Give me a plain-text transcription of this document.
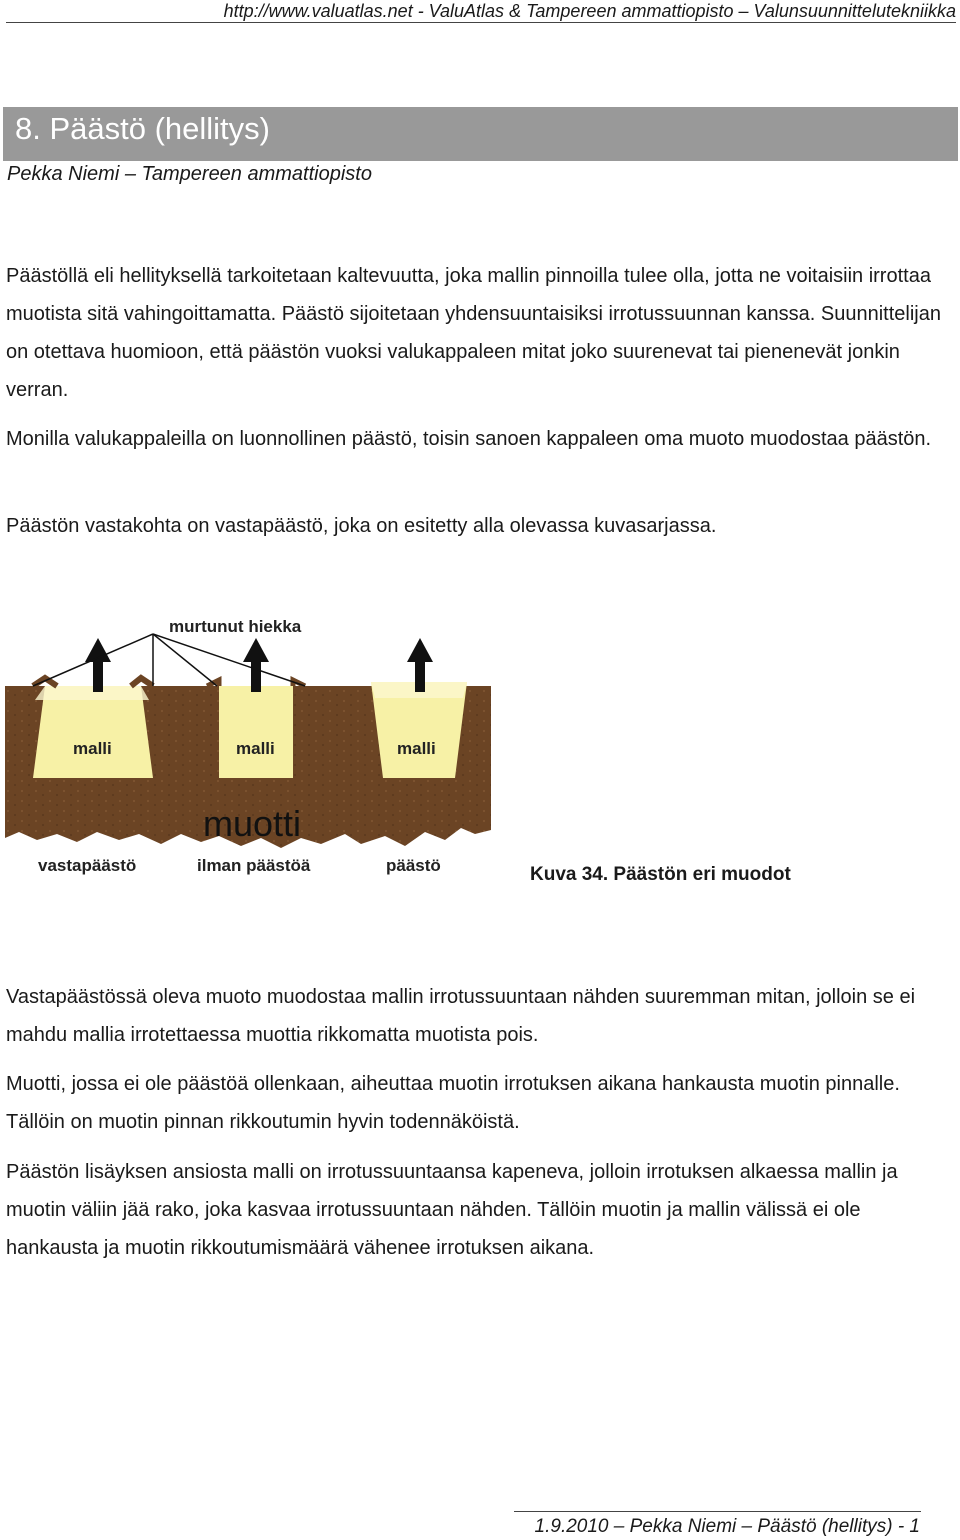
http://www.valuatlas.net - ValuAtlas & Tampereen ammattiopisto – Valunsuunnittelutekniikka
8. Päästö (hellitys)
Pekka Niemi – Tampereen ammattiopisto

Päästöllä eli hellityksellä tarkoitetaan kaltevuutta, joka mallin pinnoilla tulee olla, jotta ne voitaisiin irrottaa muotista sitä vahingoittamatta. Päästö sijoitetaan yhdensuuntaisiksi irrotussuunnan kanssa. Suunnittelijan on otettava huomioon, että päästön vuoksi valukappaleen mitat joko suurenevat tai pienenevät jonkin verran.

Monilla valukappaleilla on luonnollinen päästö, toisin sanoen kappaleen oma muoto muodostaa päästön.

Päästön vastakohta on vastapäästö, joka on esitetty alla olevassa kuvasarjassa.

murtunut hiekka
malli	malli	malli
muotti
vastapäästö	ilman päästöä	päästö	Kuva 34. Päästön eri muodot

Vastapäästössä oleva muoto muodostaa mallin irrotussuuntaan nähden suuremman mitan, jolloin se ei mahdu mallia irrotettaessa muottia rikkomatta muotista pois.

Muotti, jossa ei ole päästöä ollenkaan, aiheuttaa muotin irrotuksen aikana hankausta muotin pinnalle. Tällöin on muotin pinnan rikkoutumin hyvin todennäköistä.

Päästön lisäyksen ansiosta malli on irrotussuuntaansa kapeneva, jolloin irrotuksen alkaessa mallin ja muotin väliin jää rako, joka kasvaa irrotussuuntaan nähden. Tällöin muotin ja mallin välissä ei ole hankausta ja muotin rikkoutumismäärä vähenee irrotuksen aikana.

1.9.2010 – Pekka Niemi – Päästö (hellitys) - 1
